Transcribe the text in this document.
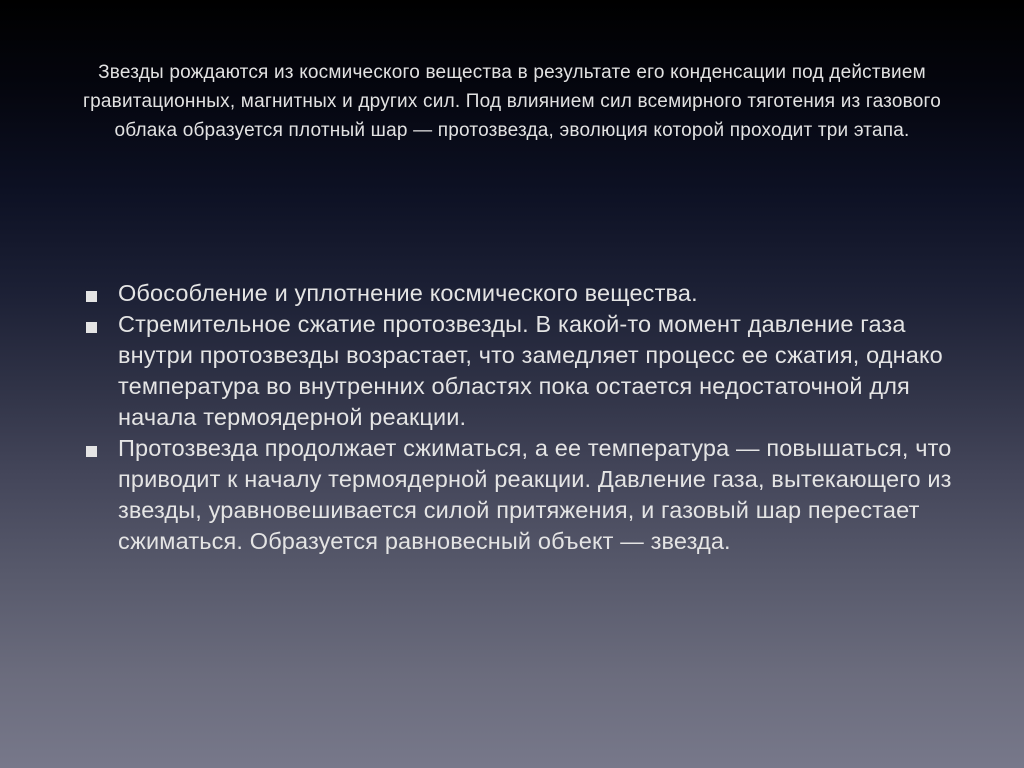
Звезды рождаются из космического вещества в результате его конденсации под действием гравитационных, магнитных и других сил. Под влиянием сил всемирного тяготения из газового облака образуется плотный шар — протозвезда, эволюция которой проходит три этапа.
Обособление и уплотнение космического вещества.
Стремительное сжатие протозвезды. В какой-то момент давление газа внутри протозвезды возрастает, что замедляет процесс ее сжатия, однако температура во внутренних областях пока остается недостаточной для начала термоядерной реакции.
Протозвезда продолжает сжиматься, а ее температура — повышаться, что приводит к началу термоядерной реакции. Давление газа, вытекающего из звезды, уравновешивается силой притяжения, и газовый шар перестает сжиматься. Образуется равновесный объект — звезда.
